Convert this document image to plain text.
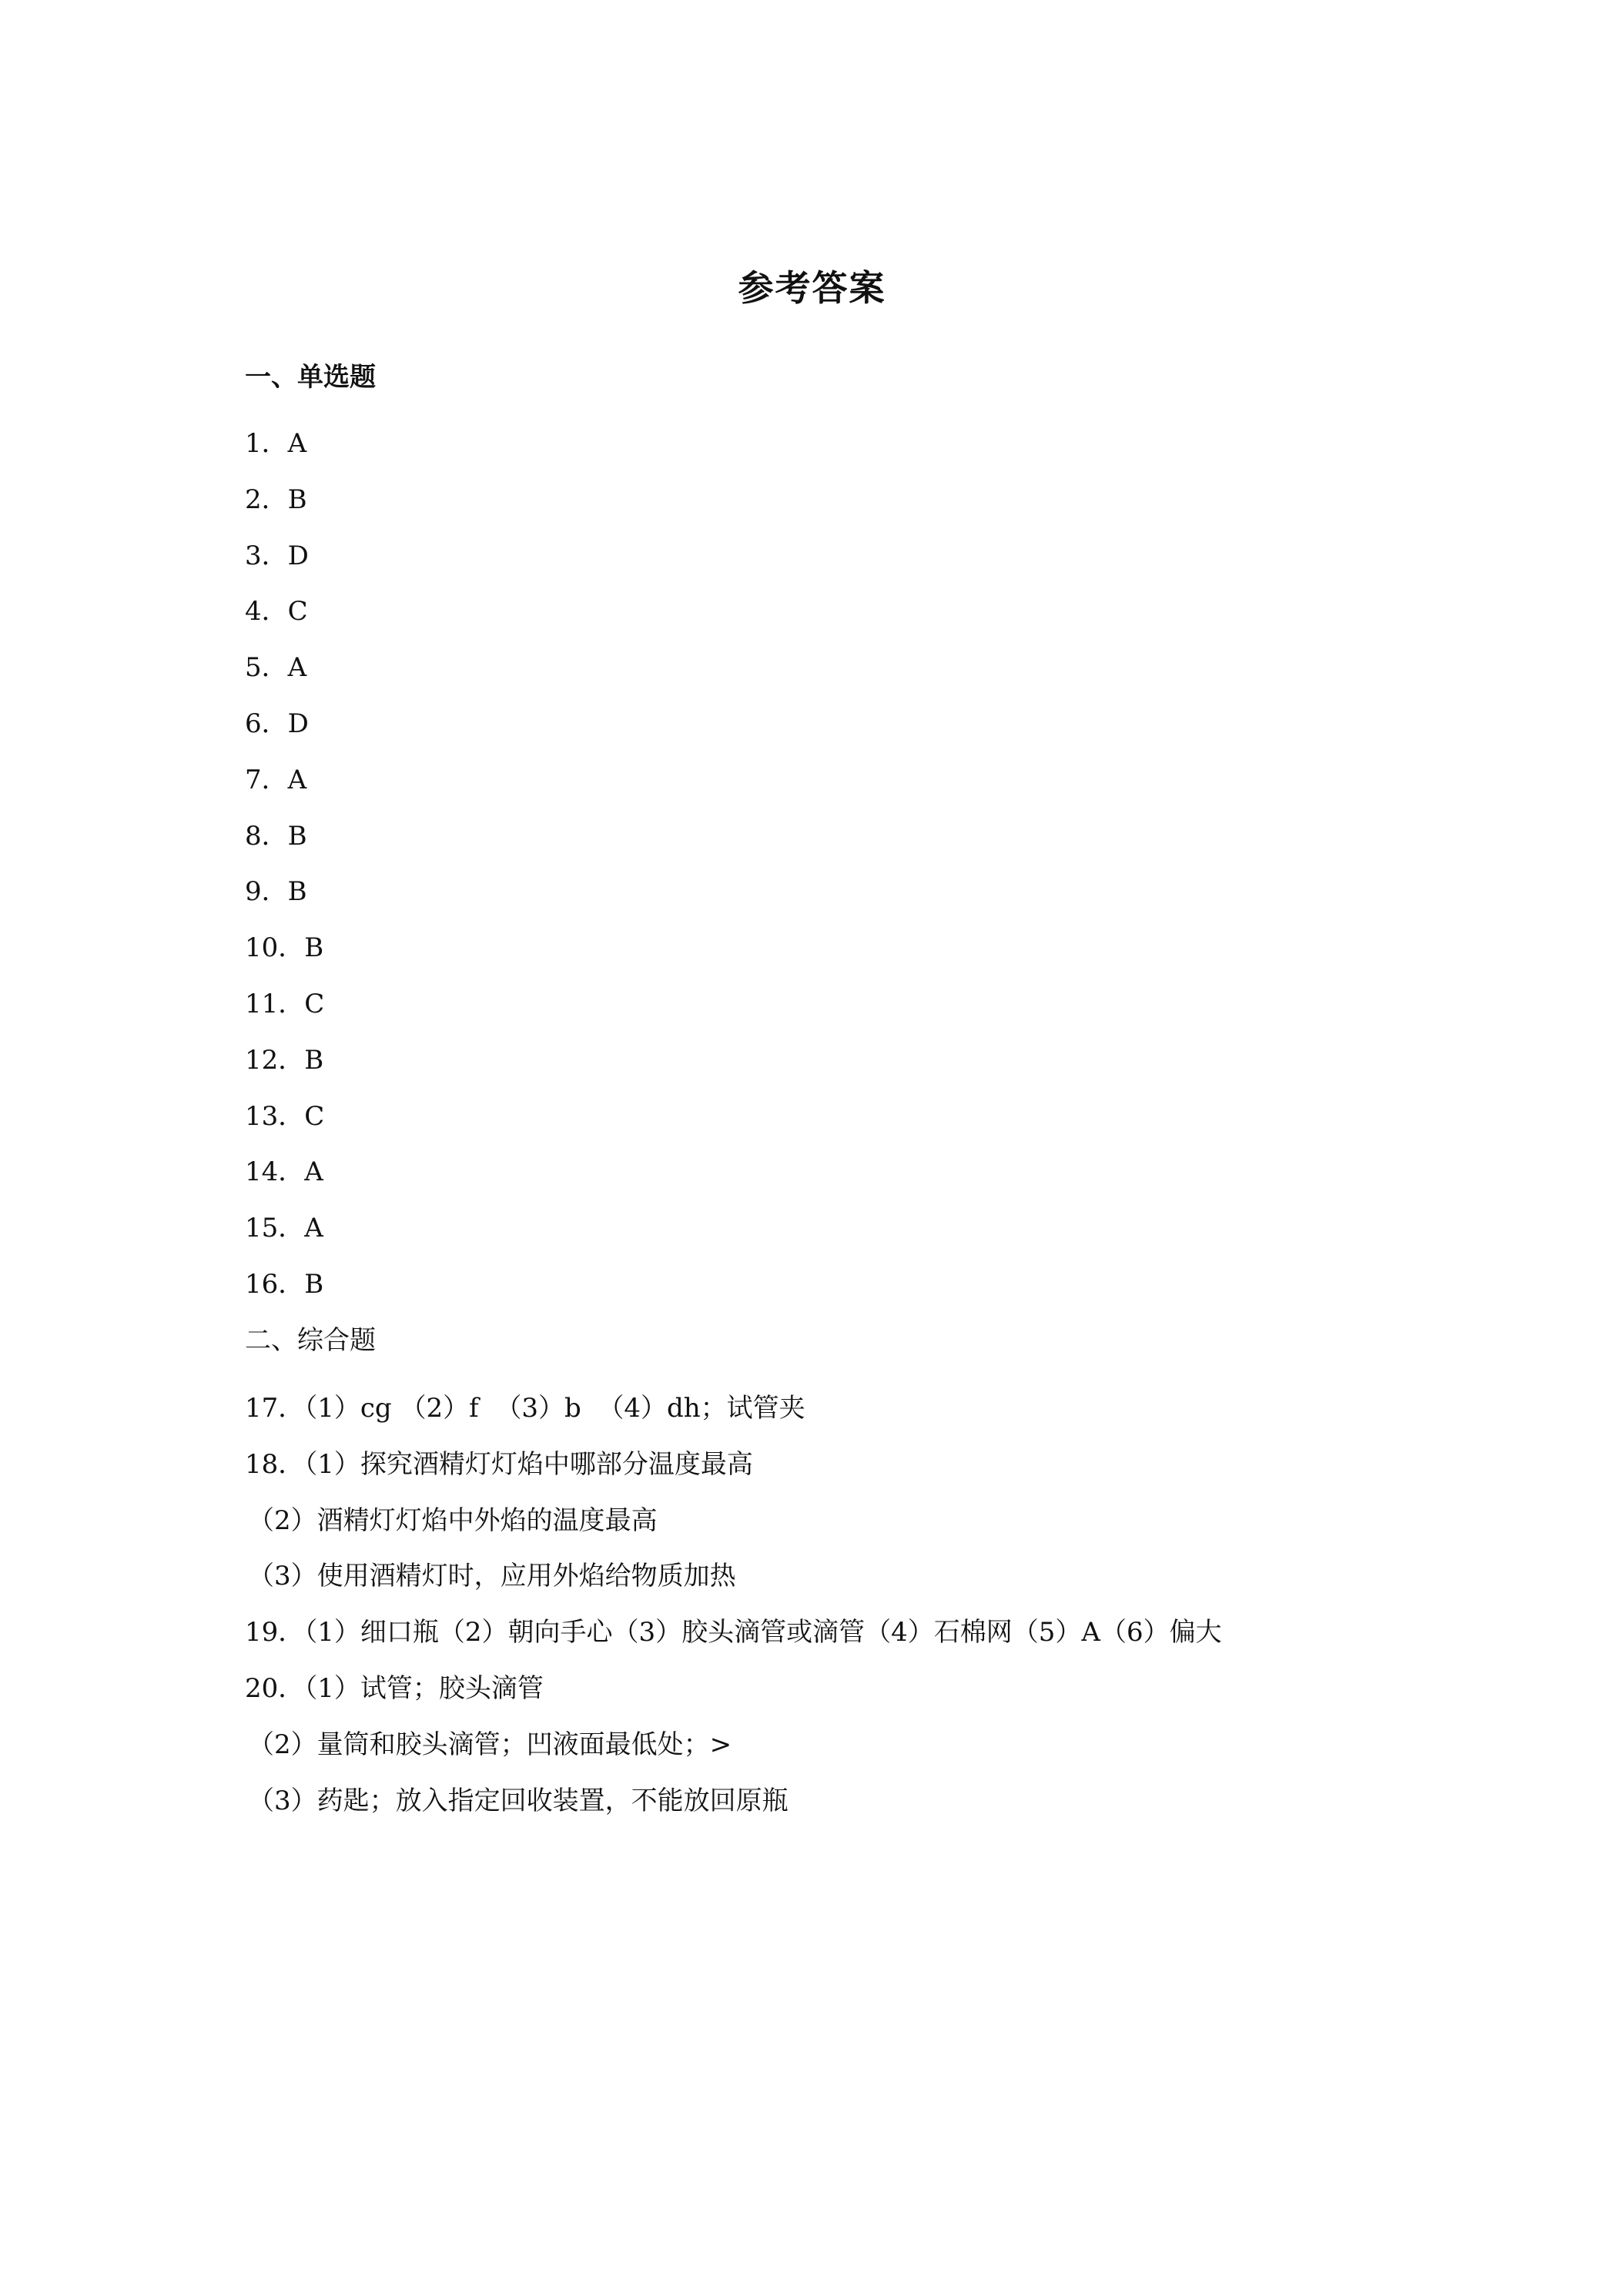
参考答案
一、单选题
1．A
2．B
3．D
4．C
5．A
6．D
7．A
8．B
9．B
10．B
11．C
12．B
13．C
14．A
15．A
16．B
二、综合题
17．（1）cg （2）f  （3）b  （4）dh；试管夹
18．（1）探究酒精灯灯焰中哪部分温度最高
（2）酒精灯灯焰中外焰的温度最高
（3）使用酒精灯时，应用外焰给物质加热
19．（1）细口瓶（2）朝向手心（3）胶头滴管或滴管（4）石棉网（5）A（6）偏大
20．（1）试管；胶头滴管
（2）量筒和胶头滴管；凹液面最低处；>
（3）药匙；放入指定回收装置，不能放回原瓶
